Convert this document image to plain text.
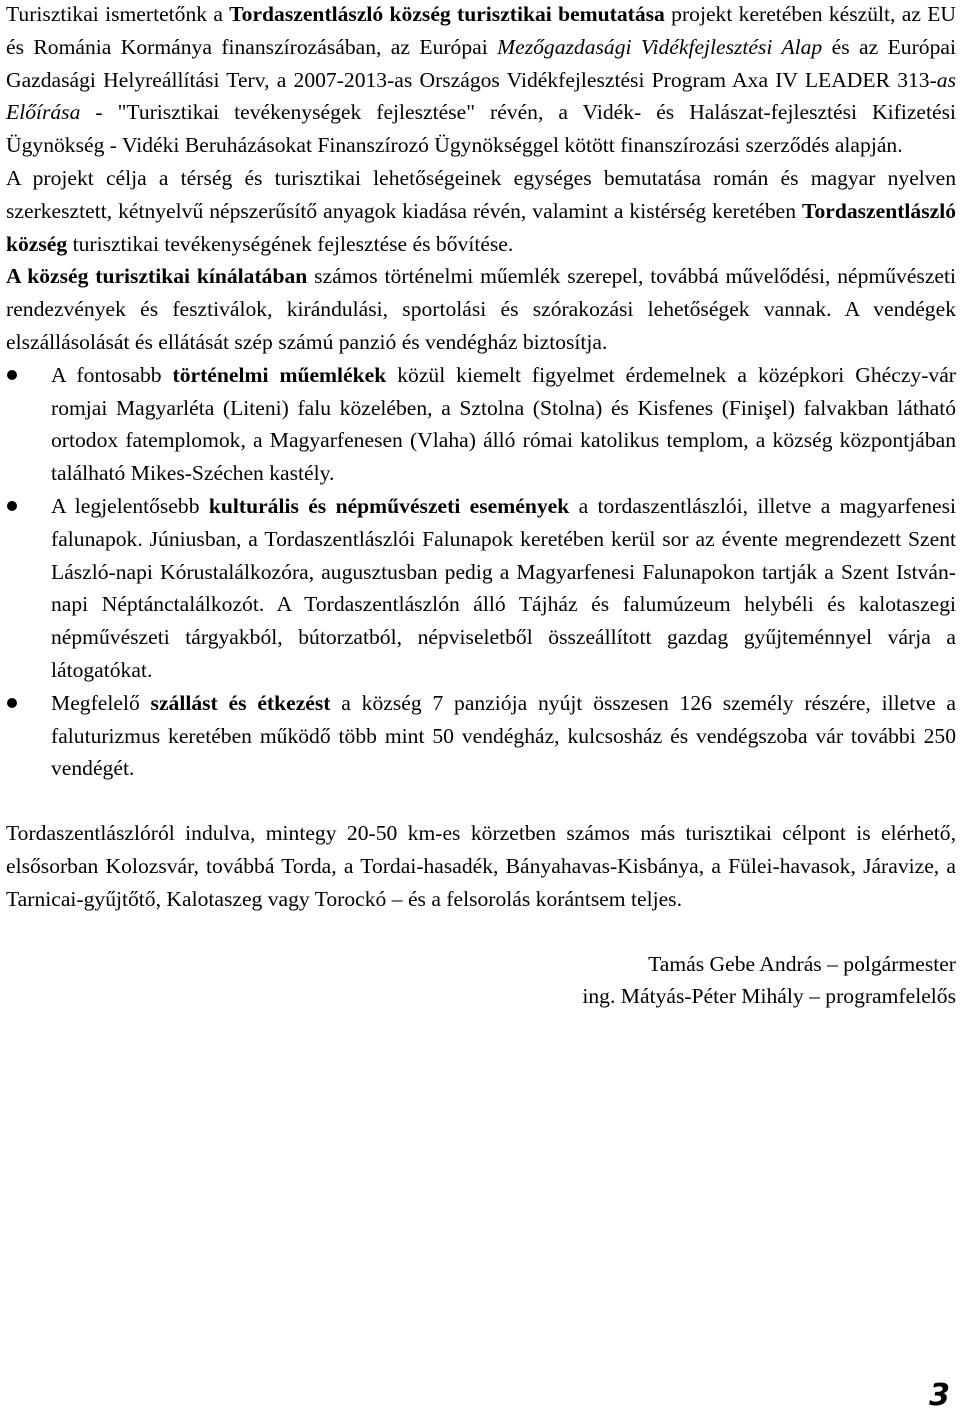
Turisztikai ismertetőnk a Tordaszentlászló község turisztikai bemutatása projekt keretében készült, az EU és Románia Kormánya finanszírozásában, az Európai Mezőgazdasági Vidékfejlesztési Alap és az Európai Gazdasági Helyreállítási Terv, a 2007-2013-as Országos Vidékfejlesztési Program Axa IV LEADER 313-as Előírása - "Turisztikai tevékenységek fejlesztése" révén, a Vidék- és Halászat-fejlesztési Kifizetési Ügynökség - Vidéki Beruházásokat Finanszírozó Ügynökséggel kötött finanszírozási szerződés alapján.

A projekt célja a térség és turisztikai lehetőségeinek egységes bemutatása román és magyar nyelven szerkesztett, kétnyelvű népszerűsítő anyagok kiadása révén, valamint a kistérség keretében Tordaszentlászló község turisztikai tevékenységének fejlesztése és bővítése.

A község turisztikai kínálatában számos történelmi műemlék szerepel, továbbá művelődési, népművészeti rendezvények és fesztiválok, kirándulási, sportolási és szórakozási lehetőségek vannak. A vendégek elszállásolását és ellátását szép számú panzió és vendégház biztosítja.

A fontosabb történelmi műemlékek közül kiemelt figyelmet érdemelnek a középkori Ghéczy-vár romjai Magyarléta (Liteni) falu közelében, a Sztolna (Stolna) és Kisfenes (Finişel) falvakban látható ortodox fatemplomok, a Magyarfenesen (Vlaha) álló római katolikus templom, a község központjában található Mikes-Széchen kastély.
A legjelentősebb kulturális és népművészeti események a tordaszentlászlói, illetve a magyarfenesi falunapok. Júniusban, a Tordaszentlászlói Falunapok keretében kerül sor az évente megrendezett Szent László-napi Kórustalálkozóra, augusztusban pedig a Magyarfenesi Falunapokon tartják a Szent István-napi Néptánctalálkozót. A Tordaszentlászlón álló Tájház és falumúzeum helybéli és kalotaszegi népművészeti tárgyakból, bútorzatból, népviseletből összeállított gazdag gyűjteménnyel várja a látogatókat.
Megfelelő szállást és étkezést a község 7 panziója nyújt összesen 126 személy részére, illetve a faluturizmus keretében működő több mint 50 vendégház, kulcsosház és vendégszoba vár további 250 vendégét.

Tordaszentlászlóról indulva, mintegy 20-50 km-es körzetben számos más turisztikai célpont is elérhető, elsősorban Kolozsvár, továbbá Torda, a Tordai-hasadék, Bányahavas-Kisbánya, a Fülei-havasok, Járavize, a Tarnicai-gyűjtőtő, Kalotaszeg vagy Torockó – és a felsorolás korántsem teljes.

Tamás Gebe András – polgármester
ing. Mátyás-Péter Mihály – programfelelős
3
